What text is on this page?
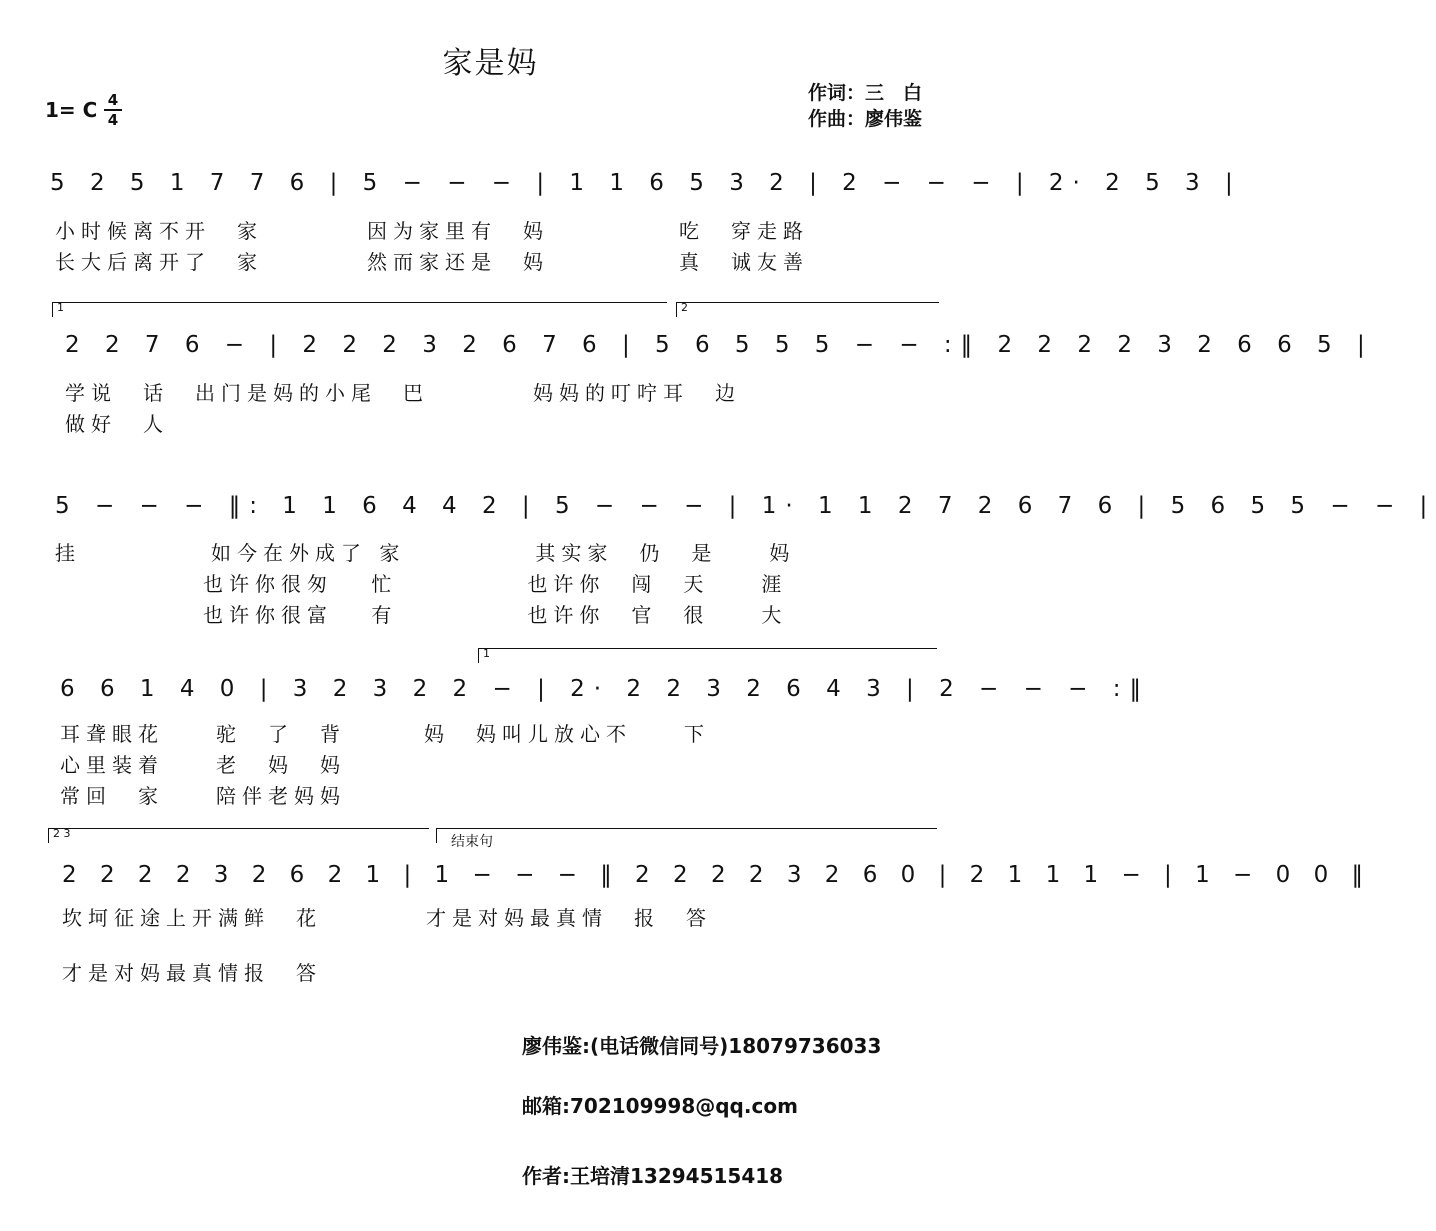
家是妈
1= C 4
4
作词：三　白
作曲：廖伟鉴
5 2 5 1 7 7 6 | 5 − − − | 1 1 6 5 3 2 | 2 − − − | 2· 2 5 3 |
小时候离不开　家　　　　因为家里有　妈　　　　　吃　穿走路
长大后离开了　家　　　　然而家还是　妈　　　　　真　诚友善
1	2
2 2 7 6 − | 2 2 2 3 2 6 7 6 | 5 6 5 5 5 − − :‖ 2 2 2 2 3 2 6 6 5 |
学说　话　出门是妈的小尾　巴　　　　妈妈的叮咛耳　边
做好　人
5 − − − ‖: 1 1 6 4 4 2 | 5 − − − | 1· 1 1 2 7 2 6 7 6 | 5 6 5 5 − − |
挂　　　　　如今在外成了 家　　　　　其实家　仍　是　　妈
也许你很匆　 忙　　　　　也许你　闯　天　　涯
也许你很富　 有　　　　　也许你　官　很　　大
1
6 6 1 4 0 | 3 2 3 2 2 − | 2· 2 2 3 2 6 4 3 | 2 − − − :‖
耳聋眼花　　驼　了　背　　　妈　妈叫儿放心不　　下
心里装着　　老　妈　妈
常回　家　　陪伴老妈妈
2 3
结束句
2 2 2 2 3 2 6 2 1 | 1 − − − ‖ 2 2 2 2 3 2 6 0 | 2 1 1 1 − | 1 − 0 0 ‖
坎坷征途上开满鲜　花　　　　才是对妈最真情　报　答
才是对妈最真情报　答
廖伟鉴:(电话微信同号)18079736033
邮箱:702109998@qq.com
作者:王培清13294515418
